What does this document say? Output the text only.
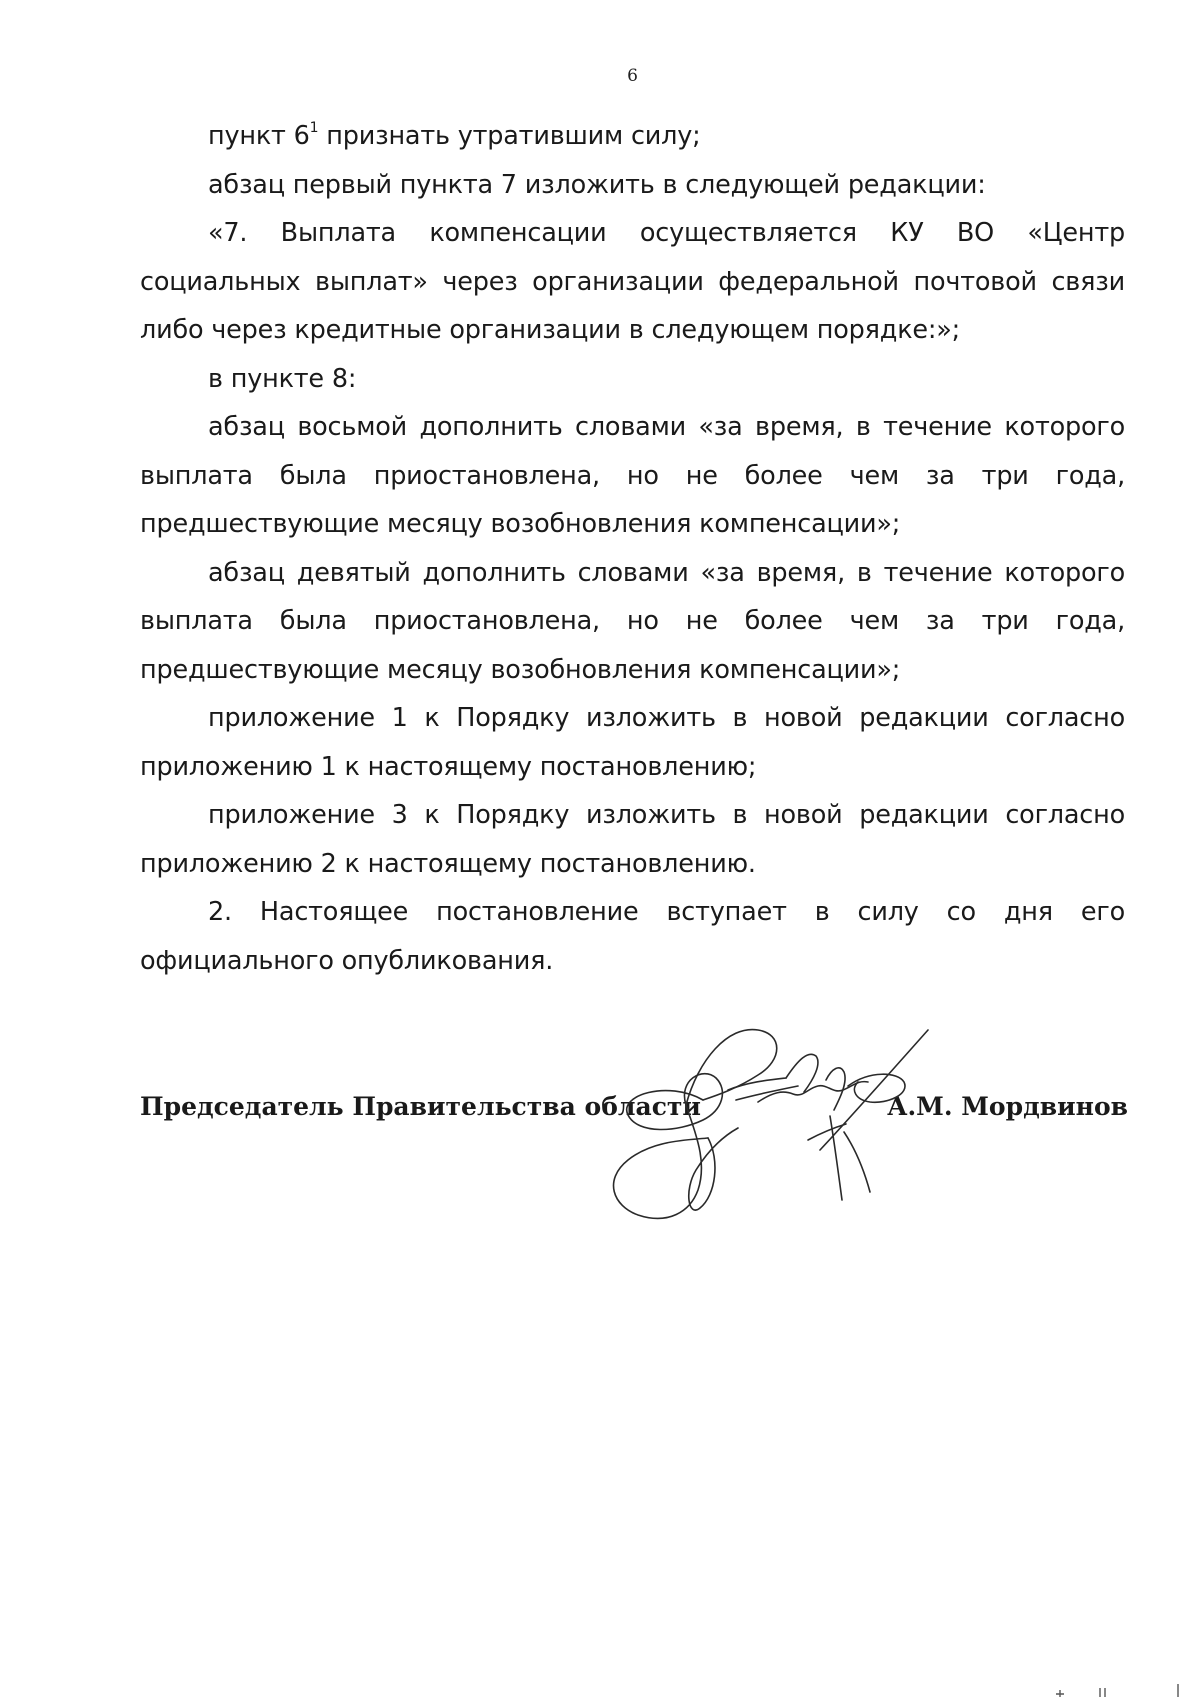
6

пункт $6^1$ признать утратившим силу;

абзац первый пункта 7 изложить в следующей редакции:

«7. Выплата компенсации осуществляется КУ ВО «Центр социальных выплат» через организации федеральной почтовой связи либо через кредитные организации в следующем порядке:»;

в пункте 8:

абзац восьмой дополнить словами «за время, в течение которого выплата была приостановлена, но не более чем за три года, предшествующие месяцу возобновления компенсации»;

абзац девятый дополнить словами «за время, в течение которого выплата была приостановлена, но не более чем за три года, предшествующие месяцу возобновления компенсации»;

приложение 1 к Порядку изложить в новой редакции согласно приложению 1 к настоящему постановлению;

приложение 3 к Порядку изложить в новой редакции согласно приложению 2 к настоящему постановлению.

2. Настоящее постановление вступает в силу со дня его официального опубликования.

Председатель Правительства области	А.М. Мордвинов
